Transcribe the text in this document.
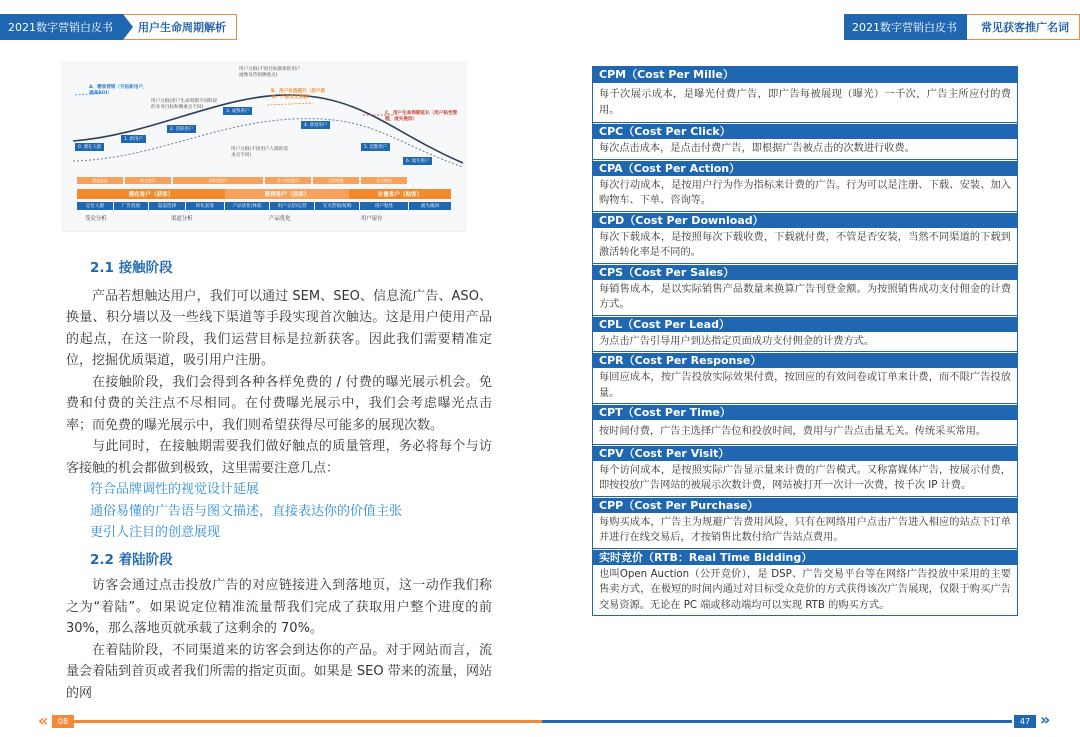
2021数字营销白皮书	用户生命周期解析	2021数字营销白皮书	常见获客推广名词
A、精准营销（开拓新用户，提高ROI）
用户分群(不同目标群体的用户画像及营销侧重点)
用户分群(用户生命周期不同阶段的业务目标和侧重点不同)
B、用户价值提升（用户留存，产品交叉营销）
C、用户生命周期延长（用户粘性管理，流失挽回）
用户分群(不同用户人群的需求点不同)
0. 潜在人群
1. 新用户
2. 活跃用户
3. 成熟用户
4. 衰退用户
5. 沉默用户
6. 流失用户
精准投放	转化提升	活跃度提升	用户价值提升	沉默唤醒	流失挽回
潜在客户（获客）	既得客户（活客）	存量客户（粘客）
定位人群	广告投放	渠道选择	转化获客	产品优化/体验	用户分层/运营	交叉营销/复购	用户粘性	流失挽回
受众分析	渠道分析	产品优化	用户留存
2.1 接触阶段

产品若想触达用户，我们可以通过 SEM、SEO、信息流广告、ASO、换量、积分墙以及一些线下渠道等手段实现首次触达。这是用户使用产品的起点，在这一阶段，我们运营目标是拉新获客。因此我们需要精准定位，挖掘优质渠道，吸引用户注册。

在接触阶段，我们会得到各种各样免费的 / 付费的曝光展示机会。免费和付费的关注点不尽相同。在付费曝光展示中，我们会考虑曝光点击率；而免费的曝光展示中，我们则希望获得尽可能多的展现次数。

与此同时，在接触期需要我们做好触点的质量管理，务必将每个与访客接触的机会都做到极致，这里需要注意几点：

符合品牌调性的视觉设计延展
通俗易懂的广告语与图文描述，直接表达你的价值主张
更引人注目的创意展现
2.2 着陆阶段

访客会通过点击投放广告的对应链接进入到落地页，这一动作我们称之为“着陆”。如果说定位精准流量帮我们完成了获取用户整个进度的前 30%，那么落地页就承载了这剩余的 70%。

在着陆阶段，不同渠道来的访客会到达你的产品。对于网站而言，流量会着陆到首页或者我们所需的指定页面。如果是 SEO 带来的流量，网站的网

CPM（Cost Per Mille）
每千次展示成本，是曝光付费广告，即广告每被展现（曝光）一千次，广告主所应付的费用。
CPC（Cost Per Click）
每次点击成本，是点击付费广告，即根据广告被点击的次数进行收费。
CPA（Cost Per Action）
每次行动成本，是按用户行为作为指标来计费的广告。行为可以是注册、下载、安装、加入购物车、下单、咨询等。
CPD（Cost Per Download）
每次下载成本，是按照每次下载收费，下载就付费，不管是否安装，当然不同渠道的下载到激活转化率是不同的。
CPS（Cost Per Sales）
每销售成本，是以实际销售产品数量来换算广告刊登金额。为按照销售成功支付佣金的计费方式。
CPL（Cost Per Lead）
为点击广告引导用户到达指定页面成功支付佣金的计费方式。
CPR（Cost Per Response）
每回应成本，按广告投放实际效果付费，按回应的有效问卷或订单来计费，而不限广告投放量。
CPT（Cost Per Time）
按时间付费，广告主选择广告位和投放时间，费用与广告点击量无关。传统采买常用。
CPV（Cost Per Visit）
每个访问成本，是按照实际广告显示量来计费的广告模式。又称富媒体广告，按展示付费，即按投放广告网站的被展示次数计费，网站被打开一次计一次费，按千次 IP 计费。
CPP（Cost Per Purchase）
每购买成本，广告主为规避广告费用风险，只有在网络用户点击广告进入相应的站点下订单并进行在线交易后，才按销售比数付给广告站点费用。
实时竞价（RTB：Real Time Bidding）
也叫Open Auction（公开竞价），是 DSP、广告交易平台等在网络广告投放中采用的主要售卖方式，在极短的时间内通过对目标受众竞价的方式获得该次广告展现，仅限于购买广告交易资源。无论在 PC 端或移动端均可以实现 RTB 的购买方式。
«	08	47 »
